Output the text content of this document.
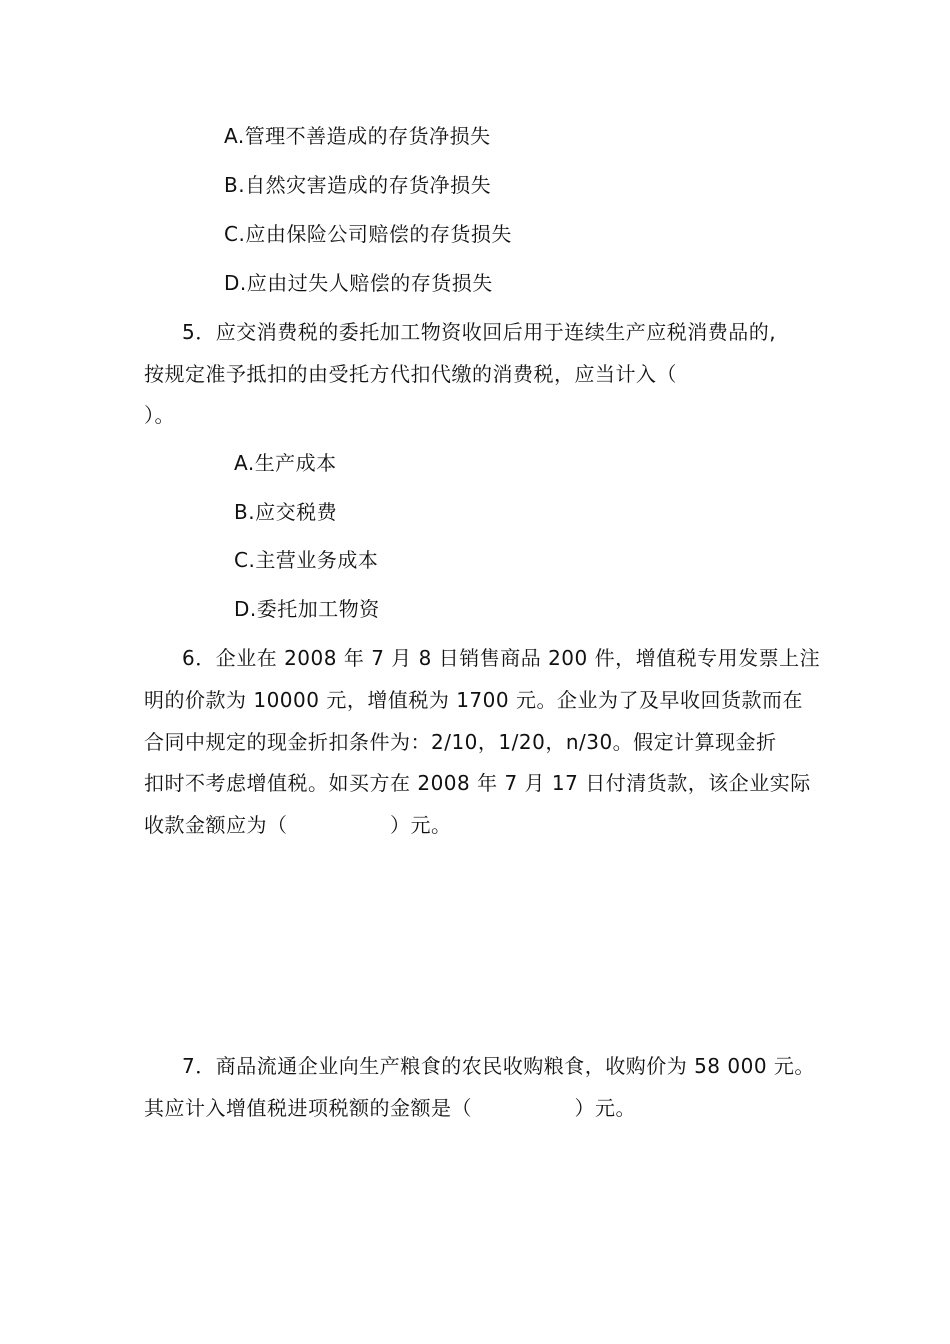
A.管理不善造成的存货净损失
B.自然灾害造成的存货净损失
C.应由保险公司赔偿的存货损失
D.应由过失人赔偿的存货损失
5．应交消费税的委托加工物资收回后用于连续生产应税消费品的,
按规定准予抵扣的由受托方代扣代缴的消费税，应当计入（
）。
A.生产成本
B.应交税费
C.主营业务成本
D.委托加工物资
6．企业在 2008 年 7 月 8 日销售商品 200 件，增值税专用发票上注
明的价款为 10000 元，增值税为 1700 元。企业为了及早收回货款而在
合同中规定的现金折扣条件为：2/10，1/20，n/30。假定计算现金折
扣时不考虑增值税。如买方在 2008 年 7 月 17 日付清货款，该企业实际
收款金额应为（　　　　　）元。
7．商品流通企业向生产粮食的农民收购粮食，收购价为 58 000 元。
其应计入增值税进项税额的金额是（　　　　　）元。
